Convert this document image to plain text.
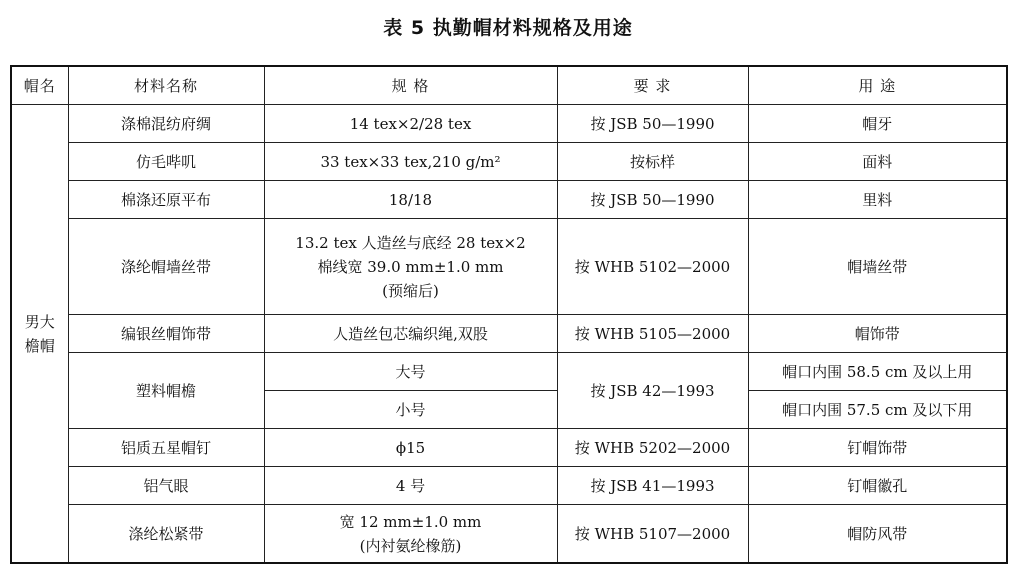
表 5 执勤帽材料规格及用途
帽名	材料名称	规 格	要 求	用 途
男大檐帽	涤棉混纺府绸	14 tex×2/28 tex	按 JSB 50—1990	帽牙
	仿毛哔叽	33 tex×33 tex,210 g/m²	按标样	面料
	棉涤还原平布	18/18	按 JSB 50—1990	里料
	涤纶帽墙丝带	13.2 tex 人造丝与底经 28 tex×2
棉线宽 39.0 mm±1.0 mm
(预缩后)	按 WHB 5102—2000	帽墙丝带
	编银丝帽饰带	人造丝包芯编织绳,双股	按 WHB 5105—2000	帽饰带
	塑料帽檐	大号	按 JSB 42—1993	帽口内围 58.5 cm 及以上用
		小号		帽口内围 57.5 cm 及以下用
	铝质五星帽钉	ϕ15	按 WHB 5202—2000	钉帽饰带
	铝气眼	4 号	按 JSB 41—1993	钉帽徽孔
	涤纶松紧带	宽 12 mm±1.0 mm
(内衬氨纶橡筋)	按 WHB 5107—2000	帽防风带
